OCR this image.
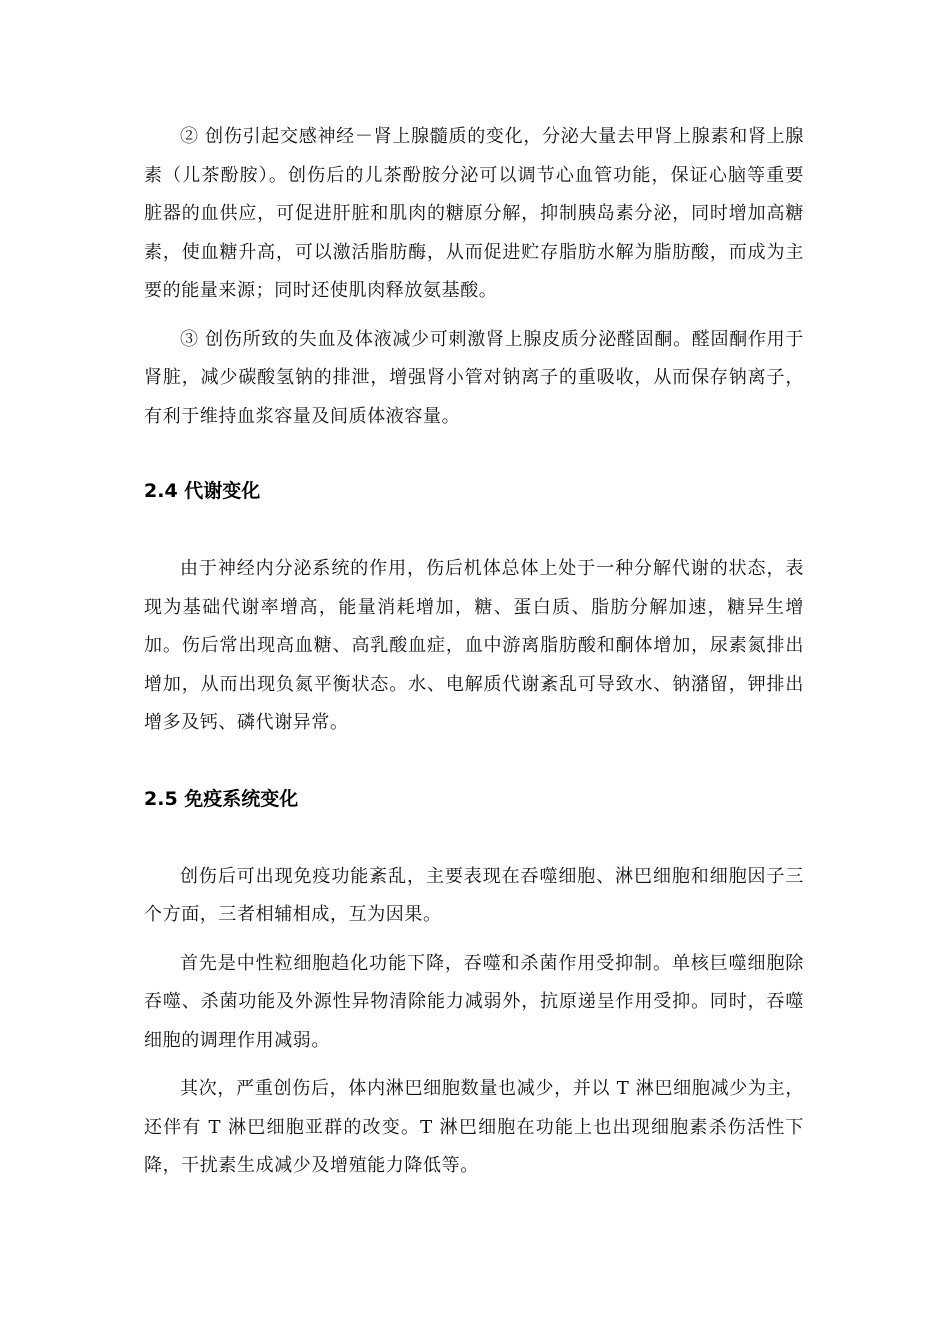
② 创伤引起交感神经－肾上腺髓质的变化，分泌大量去甲肾上腺素和肾上腺素（儿茶酚胺）。创伤后的儿茶酚胺分泌可以调节心血管功能，保证心脑等重要脏器的血供应，可促进肝脏和肌肉的糖原分解，抑制胰岛素分泌，同时增加高糖素，使血糖升高，可以激活脂肪酶，从而促进贮存脂肪水解为脂肪酸，而成为主要的能量来源；同时还使肌肉释放氨基酸。

③ 创伤所致的失血及体液减少可刺激肾上腺皮质分泌醛固酮。醛固酮作用于肾脏，减少碳酸氢钠的排泄，增强肾小管对钠离子的重吸收，从而保存钠离子，有利于维持血浆容量及间质体液容量。

2.4 代谢变化

由于神经内分泌系统的作用，伤后机体总体上处于一种分解代谢的状态，表现为基础代谢率增高，能量消耗增加，糖、蛋白质、脂肪分解加速，糖异生增加。伤后常出现高血糖、高乳酸血症，血中游离脂肪酸和酮体增加，尿素氮排出增加，从而出现负氮平衡状态。水、电解质代谢紊乱可导致水、钠潴留，钾排出增多及钙、磷代谢异常。

2.5 免疫系统变化

创伤后可出现免疫功能紊乱，主要表现在吞噬细胞、淋巴细胞和细胞因子三个方面，三者相辅相成，互为因果。

首先是中性粒细胞趋化功能下降，吞噬和杀菌作用受抑制。单核巨噬细胞除吞噬、杀菌功能及外源性异物清除能力减弱外，抗原递呈作用受抑。同时，吞噬细胞的调理作用减弱。

其次，严重创伤后，体内淋巴细胞数量也减少，并以 T 淋巴细胞减少为主，还伴有 T 淋巴细胞亚群的改变。T 淋巴细胞在功能上也出现细胞素杀伤活性下降，干扰素生成减少及增殖能力降低等。
